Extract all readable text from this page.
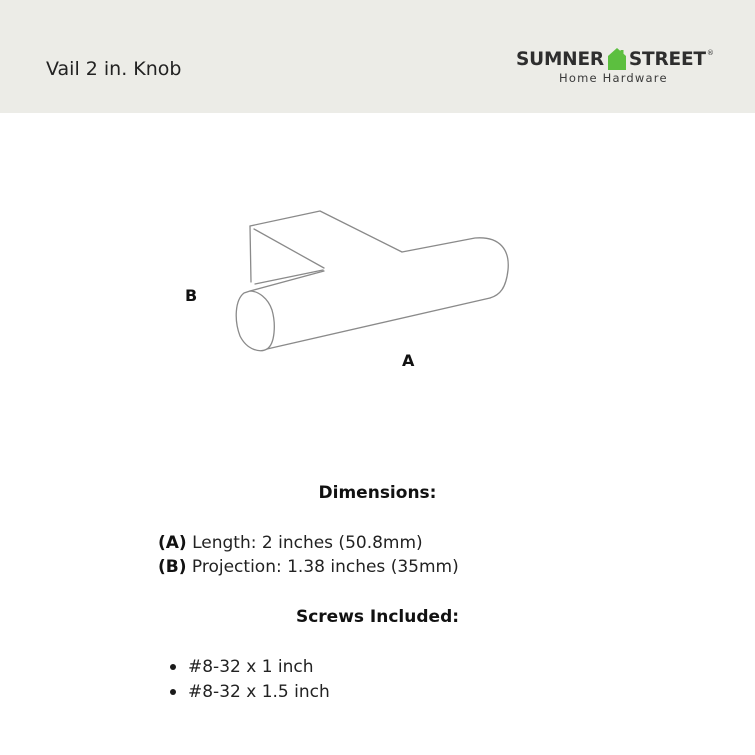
Vail 2 in. Knob	SUMNER STREET ®
Home Hardware
B
A
Dimensions:

(A) Length: 2 inches (50.8mm)

(B) Projection: 1.38 inches (35mm)

Screws Included:

#8-32 x 1 inch

#8-32 x 1.5 inch
